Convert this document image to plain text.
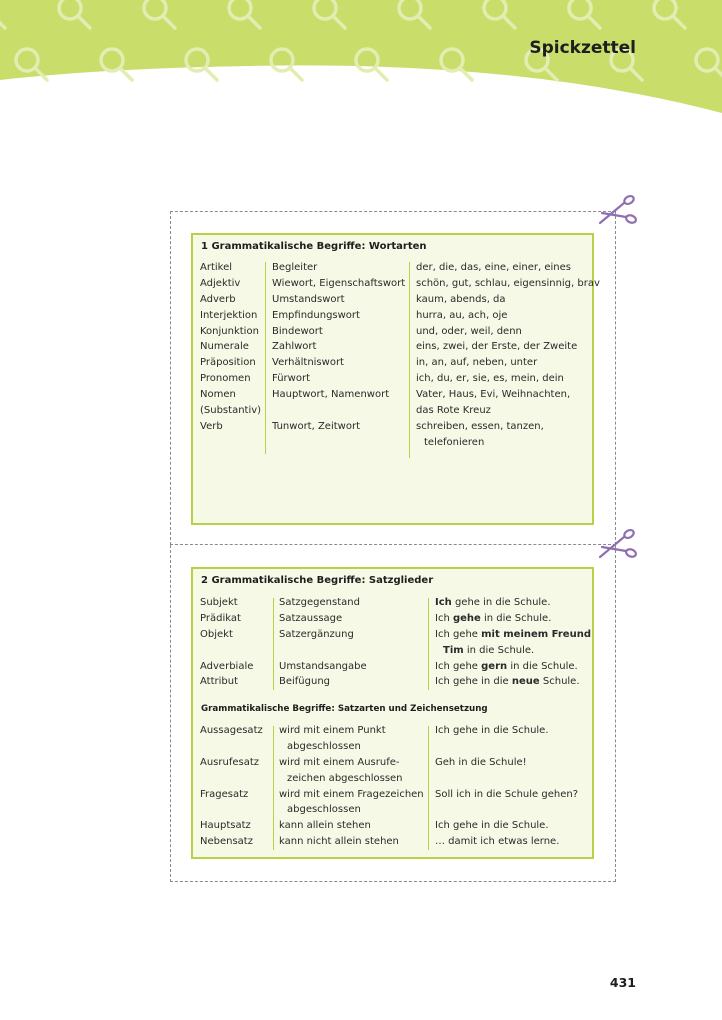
Spickzettel
1 Grammatikalische Begriffe: Wortarten
Artikel
Adjektiv
Adverb
Interjektion
Konjunktion
Numerale
Präposition
Pronomen
Nomen
(Substantiv)
Verb
Begleiter
Wiewort, Eigenschaftswort
Umstandswort
Empfindungswort
Bindewort
Zahlwort
Verhältniswort
Fürwort
Hauptwort, Namenwort
Tunwort, Zeitwort
der, die, das, eine, einer, eines
schön, gut, schlau, eigensinnig, brav
kaum, abends, da
hurra, au, ach, oje
und, oder, weil, denn
eins, zwei, der Erste, der Zweite
in, an, auf, neben, unter
ich, du, er, sie, es, mein, dein
Vater, Haus, Evi, Weihnachten,
das Rote Kreuz
schreiben, essen, tanzen,
telefonieren
2 Grammatikalische Begriffe: Satzglieder
Subjekt
Prädikat
Objekt
Adverbiale
Attribut
Satzgegenstand
Satzaussage
Satzergänzung
Umstandsangabe
Beifügung
Ich gehe in die Schule.
Ich gehe in die Schule.
Ich gehe mit meinem Freund
Tim in die Schule.
Ich gehe gern in die Schule.
Ich gehe in die neue Schule.
Grammatikalische Begriffe: Satzarten und Zeichensetzung
Aussagesatz
Ausrufesatz
Fragesatz
Hauptsatz
Nebensatz
wird mit einem Punkt
abgeschlossen
wird mit einem Ausrufe-
zeichen abgeschlossen
wird mit einem Fragezeichen
abgeschlossen
kann allein stehen
kann nicht allein stehen
Ich gehe in die Schule.
Geh in die Schule!
Soll ich in die Schule gehen?
Ich gehe in die Schule.
… damit ich etwas lerne.
431
